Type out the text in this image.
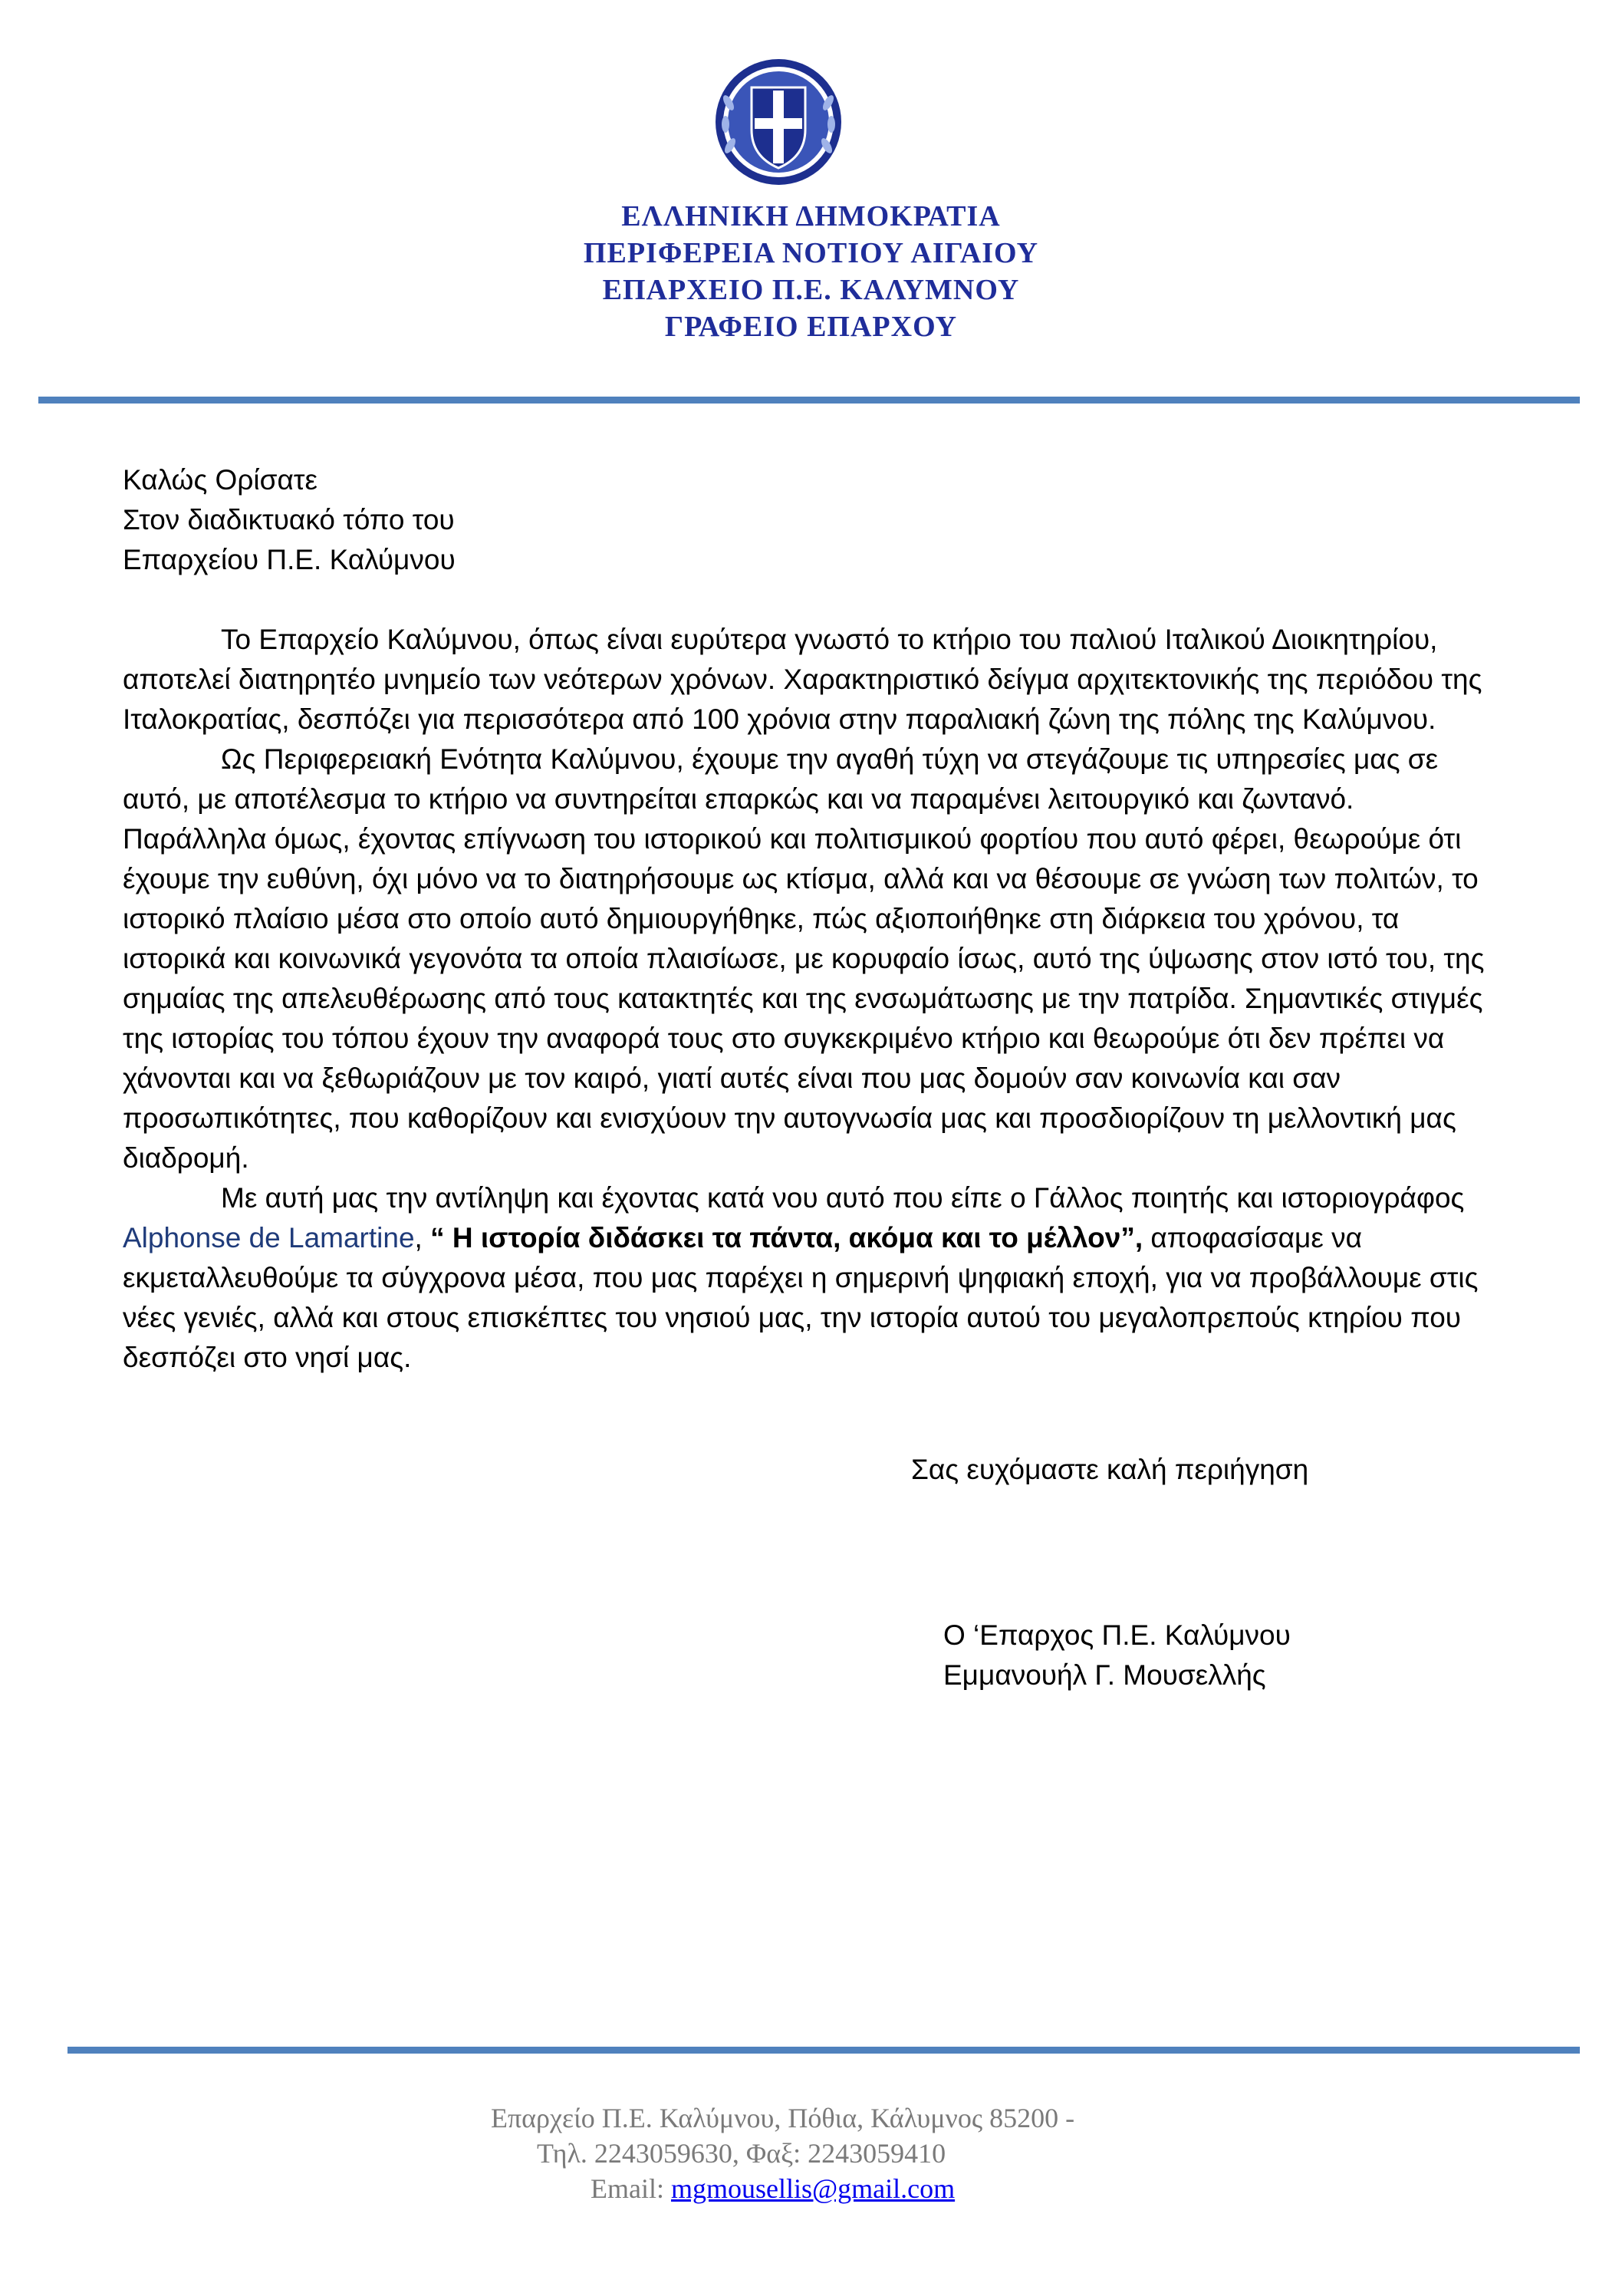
ΕΛΛΗΝΙΚΗ ΔΗΜΟΚΡΑΤΙΑ
ΠΕΡΙΦΕΡΕΙΑ ΝΟΤΙΟΥ ΑΙΓΑΙΟΥ
ΕΠΑΡΧΕΙΟ Π.Ε. ΚΑΛΥΜΝΟΥ
ΓΡΑΦΕΙΟ ΕΠΑΡΧΟΥ
Καλώς Ορίσατε
Στον διαδικτυακό τόπο του
Επαρχείου Π.Ε. Καλύμνου

Το Επαρχείο Καλύμνου, όπως είναι ευρύτερα γνωστό το κτήριο του παλιού Ιταλικού Διοικητηρίου, αποτελεί διατηρητέο μνημείο των νεότερων χρόνων. Χαρακτηριστικό δείγμα αρχιτεκτονικής της περιόδου της Ιταλοκρατίας, δεσπόζει για περισσότερα από 100 χρόνια στην παραλιακή ζώνη της πόλης της Καλύμνου.

Ως Περιφερειακή Ενότητα Καλύμνου, έχουμε την αγαθή τύχη να στεγάζουμε τις υπηρεσίες μας σε αυτό, με αποτέλεσμα το κτήριο να συντηρείται επαρκώς και να παραμένει λειτουργικό και ζωντανό. Παράλληλα όμως, έχοντας επίγνωση του ιστορικού και πολιτισμικού φορτίου που αυτό φέρει, θεωρούμε ότι έχουμε την ευθύνη, όχι μόνο να το διατηρήσουμε ως κτίσμα, αλλά και να θέσουμε σε γνώση των πολιτών, το ιστορικό πλαίσιο μέσα στο οποίο αυτό δημιουργήθηκε, πώς αξιοποιήθηκε στη διάρκεια του χρόνου, τα ιστορικά και κοινωνικά γεγονότα τα οποία πλαισίωσε, με κορυφαίο ίσως, αυτό της ύψωσης στον ιστό του, της σημαίας της απελευθέρωσης από τους κατακτητές και της ενσωμάτωσης με την πατρίδα. Σημαντικές στιγμές της ιστορίας του τόπου έχουν την αναφορά τους στο συγκεκριμένο κτήριο και θεωρούμε ότι δεν πρέπει να χάνονται και να ξεθωριάζουν με τον καιρό, γιατί αυτές είναι που μας δομούν σαν κοινωνία και σαν προσωπικότητες, που καθορίζουν και ενισχύουν την αυτογνωσία μας και προσδιορίζουν τη μελλοντική μας διαδρομή.

Με αυτή μας την αντίληψη και έχοντας κατά νου αυτό που είπε ο Γάλλος ποιητής και ιστοριογράφος Alphonse de Lamartine, “ Η ιστορία διδάσκει τα πάντα, ακόμα και το μέλλον”, αποφασίσαμε να εκμεταλλευθούμε τα σύγχρονα μέσα, που μας παρέχει η σημερινή ψηφιακή εποχή, για να προβάλλουμε στις νέες γενιές, αλλά και στους επισκέπτες του νησιού μας, την ιστορία αυτού του μεγαλοπρεπούς κτηρίου που δεσπόζει στο νησί μας.

Σας ευχόμαστε καλή περιήγηση
Ο ‘Επαρχος Π.Ε. Καλύμνου
Εμμανουήλ Γ. Μουσελλής
Επαρχείο Π.Ε. Καλύμνου, Πόθια, Κάλυμνος 85200 -
Τηλ. 2243059630, Φαξ: 2243059410
Email: mgmousellis@gmail.com
